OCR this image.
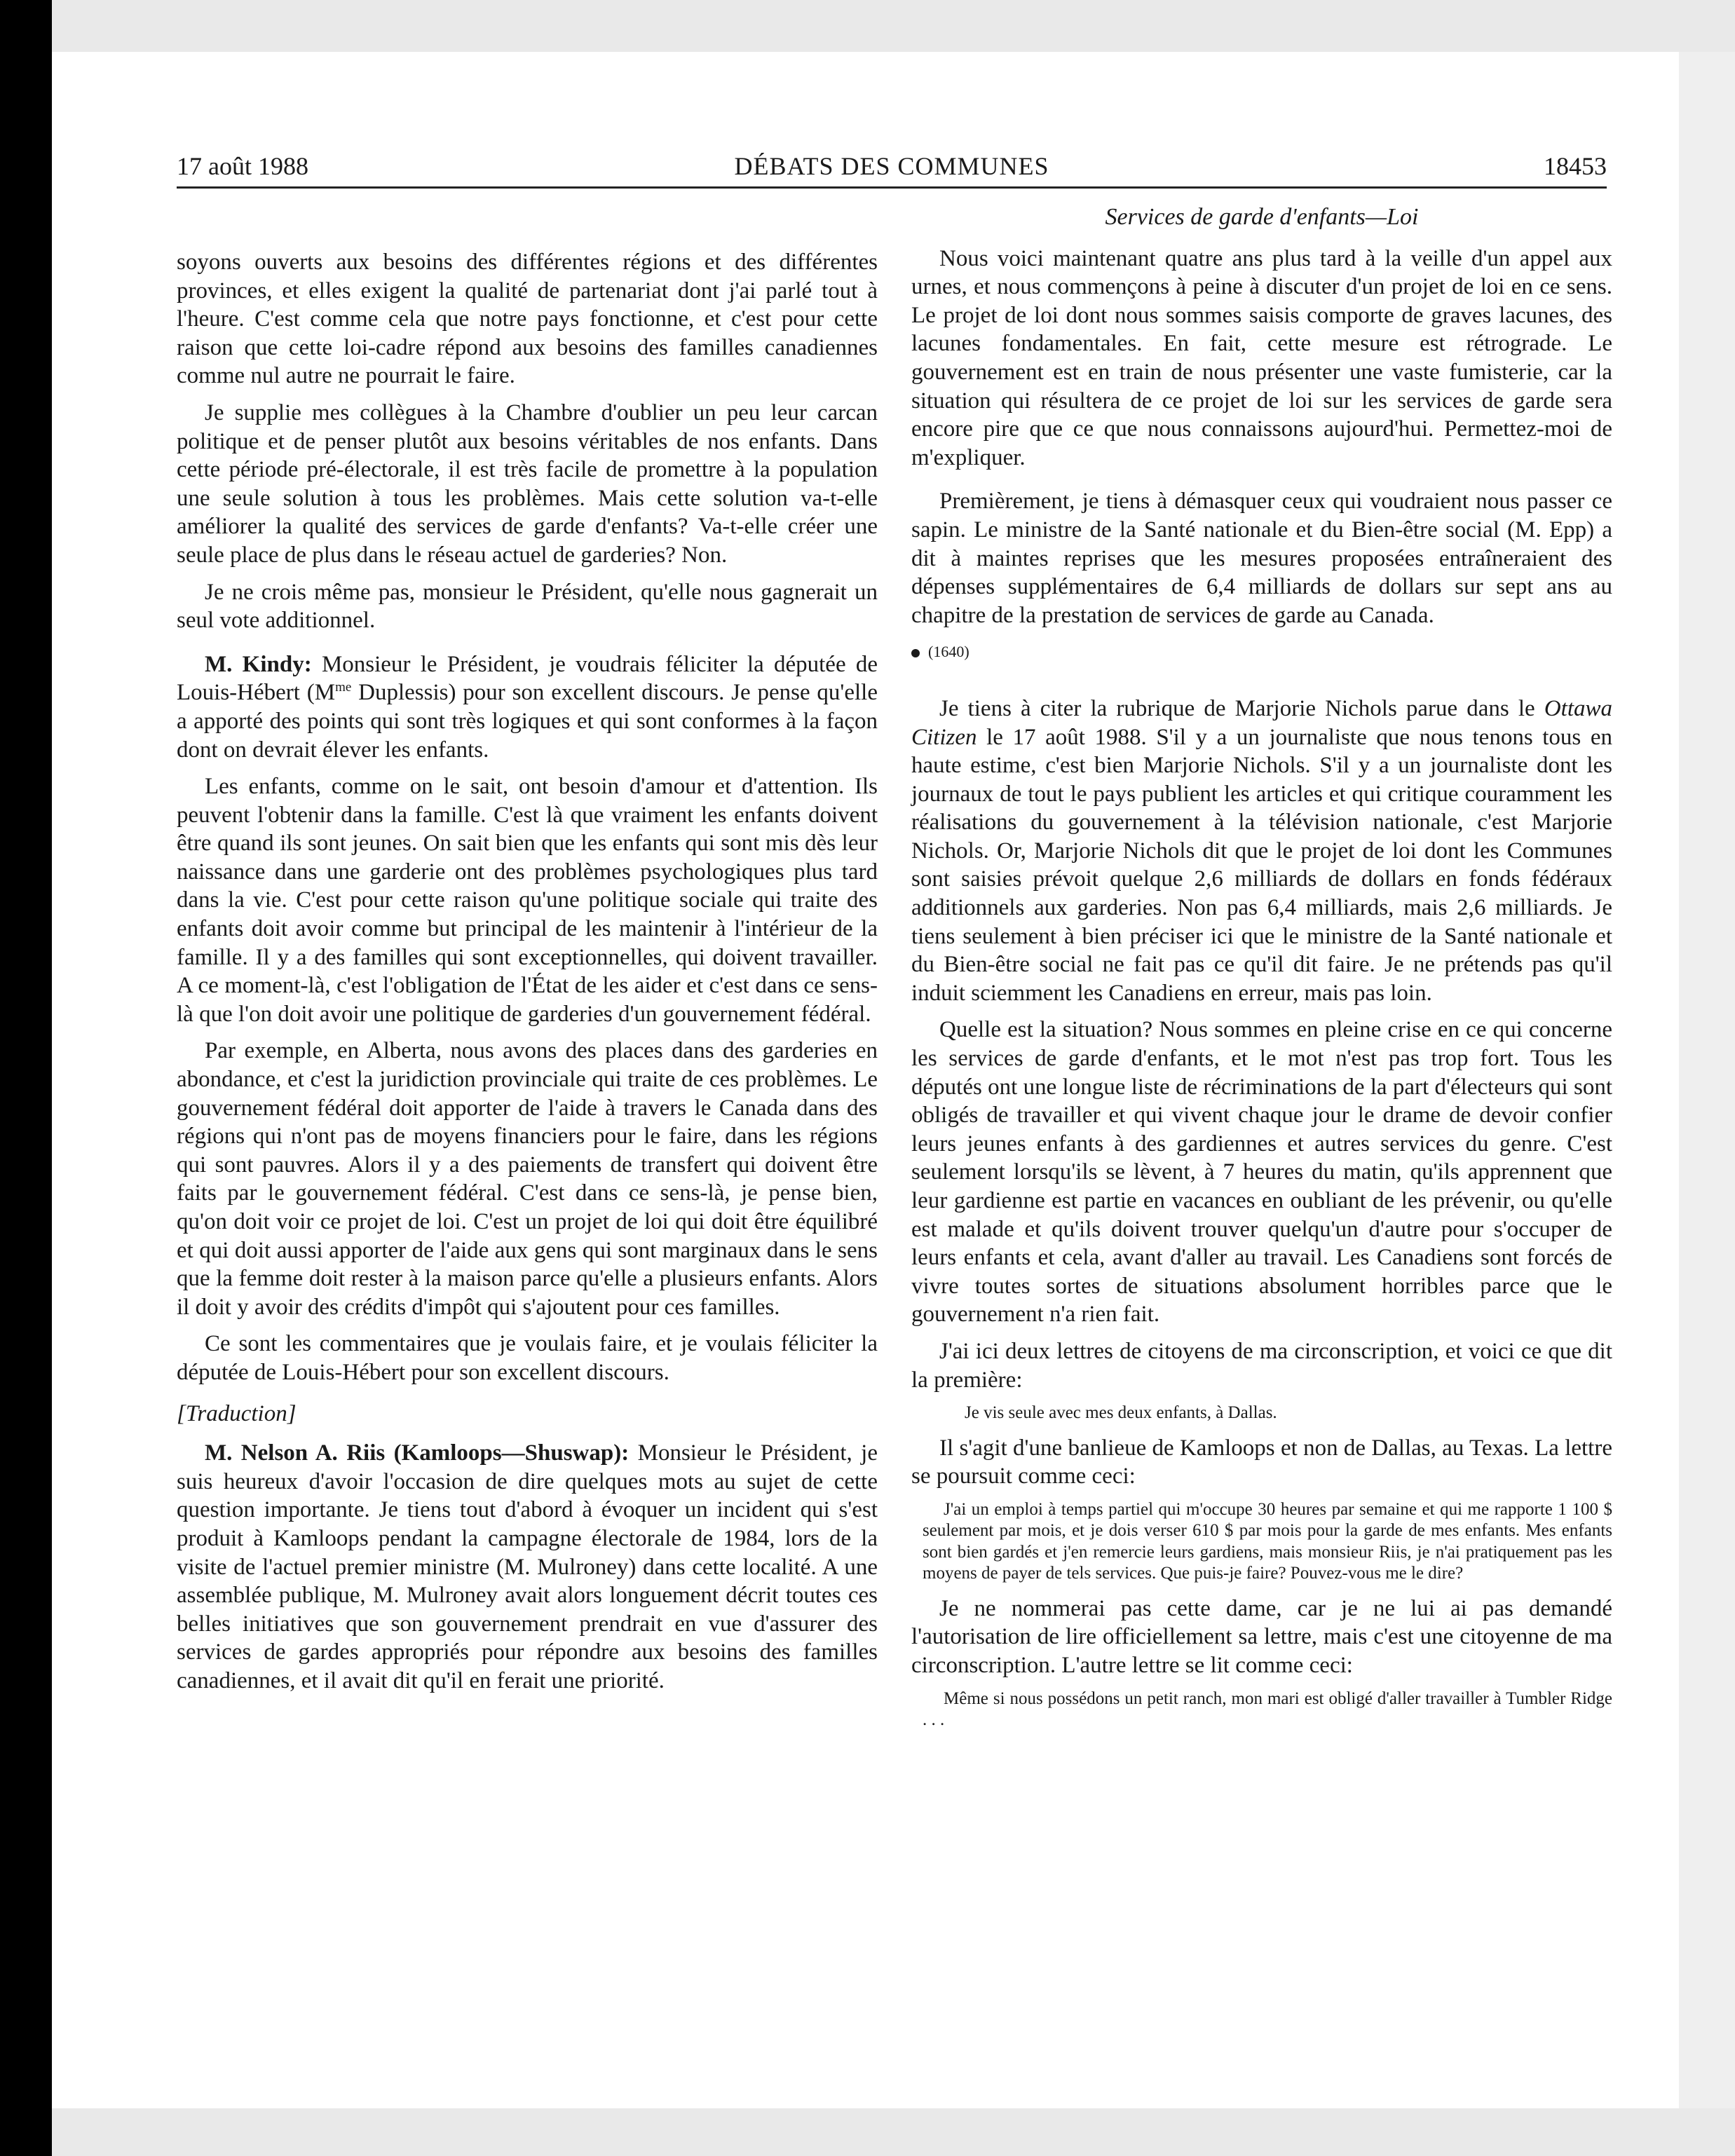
17 août 1988	DÉBATS DES COMMUNES	18453

soyons ouverts aux besoins des différentes régions et des différentes provinces, et elles exigent la qualité de partenariat dont j'ai parlé tout à l'heure. C'est comme cela que notre pays fonctionne, et c'est pour cette raison que cette loi-cadre répond aux besoins des familles canadiennes comme nul autre ne pourrait le faire.

Je supplie mes collègues à la Chambre d'oublier un peu leur carcan politique et de penser plutôt aux besoins véritables de nos enfants. Dans cette période pré-électorale, il est très facile de promettre à la population une seule solution à tous les problèmes. Mais cette solution va-t-elle améliorer la qualité des services de garde d'enfants? Va-t-elle créer une seule place de plus dans le réseau actuel de garderies? Non.

Je ne crois même pas, monsieur le Président, qu'elle nous gagnerait un seul vote additionnel.

M. Kindy: Monsieur le Président, je voudrais féliciter la députée de Louis-Hébert ($M^{me}$ Duplessis) pour son excellent discours. Je pense qu'elle a apporté des points qui sont très logiques et qui sont conformes à la façon dont on devrait élever les enfants.

Les enfants, comme on le sait, ont besoin d'amour et d'attention. Ils peuvent l'obtenir dans la famille. C'est là que vraiment les enfants doivent être quand ils sont jeunes. On sait bien que les enfants qui sont mis dès leur naissance dans une garderie ont des problèmes psychologiques plus tard dans la vie. C'est pour cette raison qu'une politique sociale qui traite des enfants doit avoir comme but principal de les maintenir à l'intérieur de la famille. Il y a des familles qui sont exceptionnelles, qui doivent travailler. A ce moment-là, c'est l'obligation de l'État de les aider et c'est dans ce sens-là que l'on doit avoir une politique de garderies d'un gouvernement fédéral.

Par exemple, en Alberta, nous avons des places dans des garderies en abondance, et c'est la juridiction provinciale qui traite de ces problèmes. Le gouvernement fédéral doit apporter de l'aide à travers le Canada dans des régions qui n'ont pas de moyens financiers pour le faire, dans les régions qui sont pauvres. Alors il y a des paiements de transfert qui doivent être faits par le gouvernement fédéral. C'est dans ce sens-là, je pense bien, qu'on doit voir ce projet de loi. C'est un projet de loi qui doit être équilibré et qui doit aussi apporter de l'aide aux gens qui sont marginaux dans le sens que la femme doit rester à la maison parce qu'elle a plusieurs enfants. Alors il doit y avoir des crédits d'impôt qui s'ajoutent pour ces familles.

Ce sont les commentaires que je voulais faire, et je voulais féliciter la députée de Louis-Hébert pour son excellent discours.

[Traduction]

M. Nelson A. Riis (Kamloops—Shuswap): Monsieur le Président, je suis heureux d'avoir l'occasion de dire quelques mots au sujet de cette question importante. Je tiens tout d'abord à évoquer un incident qui s'est produit à Kamloops pendant la campagne électorale de 1984, lors de la visite de l'actuel premier ministre (M. Mulroney) dans cette localité. A une assemblée publique, M. Mulroney avait alors longuement décrit toutes ces belles initiatives que son gouvernement prendrait en vue d'assurer des services de gardes appropriés pour répondre aux besoins des familles canadiennes, et il avait dit qu'il en ferait une priorité.

Services de garde d'enfants—Loi

Nous voici maintenant quatre ans plus tard à la veille d'un appel aux urnes, et nous commençons à peine à discuter d'un projet de loi en ce sens. Le projet de loi dont nous sommes saisis comporte de graves lacunes, des lacunes fondamentales. En fait, cette mesure est rétrograde. Le gouvernement est en train de nous présenter une vaste fumisterie, car la situation qui résultera de ce projet de loi sur les services de garde sera encore pire que ce que nous connaissons aujourd'hui. Permettez-moi de m'expliquer.

Premièrement, je tiens à démasquer ceux qui voudraient nous passer ce sapin. Le ministre de la Santé nationale et du Bien-être social (M. Epp) a dit à maintes reprises que les mesures proposées entraîneraient des dépenses supplémentaires de 6,4 milliards de dollars sur sept ans au chapitre de la prestation de services de garde au Canada.

(1640)

Je tiens à citer la rubrique de Marjorie Nichols parue dans le Ottawa Citizen le 17 août 1988. S'il y a un journaliste que nous tenons tous en haute estime, c'est bien Marjorie Nichols. S'il y a un journaliste dont les journaux de tout le pays publient les articles et qui critique couramment les réalisations du gouvernement à la télévision nationale, c'est Marjorie Nichols. Or, Marjorie Nichols dit que le projet de loi dont les Communes sont saisies prévoit quelque 2,6 milliards de dollars en fonds fédéraux additionnels aux garderies. Non pas 6,4 milliards, mais 2,6 milliards. Je tiens seulement à bien préciser ici que le ministre de la Santé nationale et du Bien-être social ne fait pas ce qu'il dit faire. Je ne prétends pas qu'il induit sciemment les Canadiens en erreur, mais pas loin.

Quelle est la situation? Nous sommes en pleine crise en ce qui concerne les services de garde d'enfants, et le mot n'est pas trop fort. Tous les députés ont une longue liste de récriminations de la part d'électeurs qui sont obligés de travailler et qui vivent chaque jour le drame de devoir confier leurs jeunes enfants à des gardiennes et autres services du genre. C'est seulement lorsqu'ils se lèvent, à 7 heures du matin, qu'ils apprennent que leur gardienne est partie en vacances en oubliant de les prévenir, ou qu'elle est malade et qu'ils doivent trouver quelqu'un d'autre pour s'occuper de leurs enfants et cela, avant d'aller au travail. Les Canadiens sont forcés de vivre toutes sortes de situations absolument horribles parce que le gouvernement n'a rien fait.

J'ai ici deux lettres de citoyens de ma circonscription, et voici ce que dit la première:

Je vis seule avec mes deux enfants, à Dallas.

Il s'agit d'une banlieue de Kamloops et non de Dallas, au Texas. La lettre se poursuit comme ceci:

J'ai un emploi à temps partiel qui m'occupe 30 heures par semaine et qui me rapporte 1 100 $ seulement par mois, et je dois verser 610 $ par mois pour la garde de mes enfants. Mes enfants sont bien gardés et j'en remercie leurs gardiens, mais monsieur Riis, je n'ai pratiquement pas les moyens de payer de tels services. Que puis-je faire? Pouvez-vous me le dire?

Je ne nommerai pas cette dame, car je ne lui ai pas demandé l'autorisation de lire officiellement sa lettre, mais c'est une citoyenne de ma circonscription. L'autre lettre se lit comme ceci:

Même si nous possédons un petit ranch, mon mari est obligé d'aller travailler à Tumbler Ridge . . .
